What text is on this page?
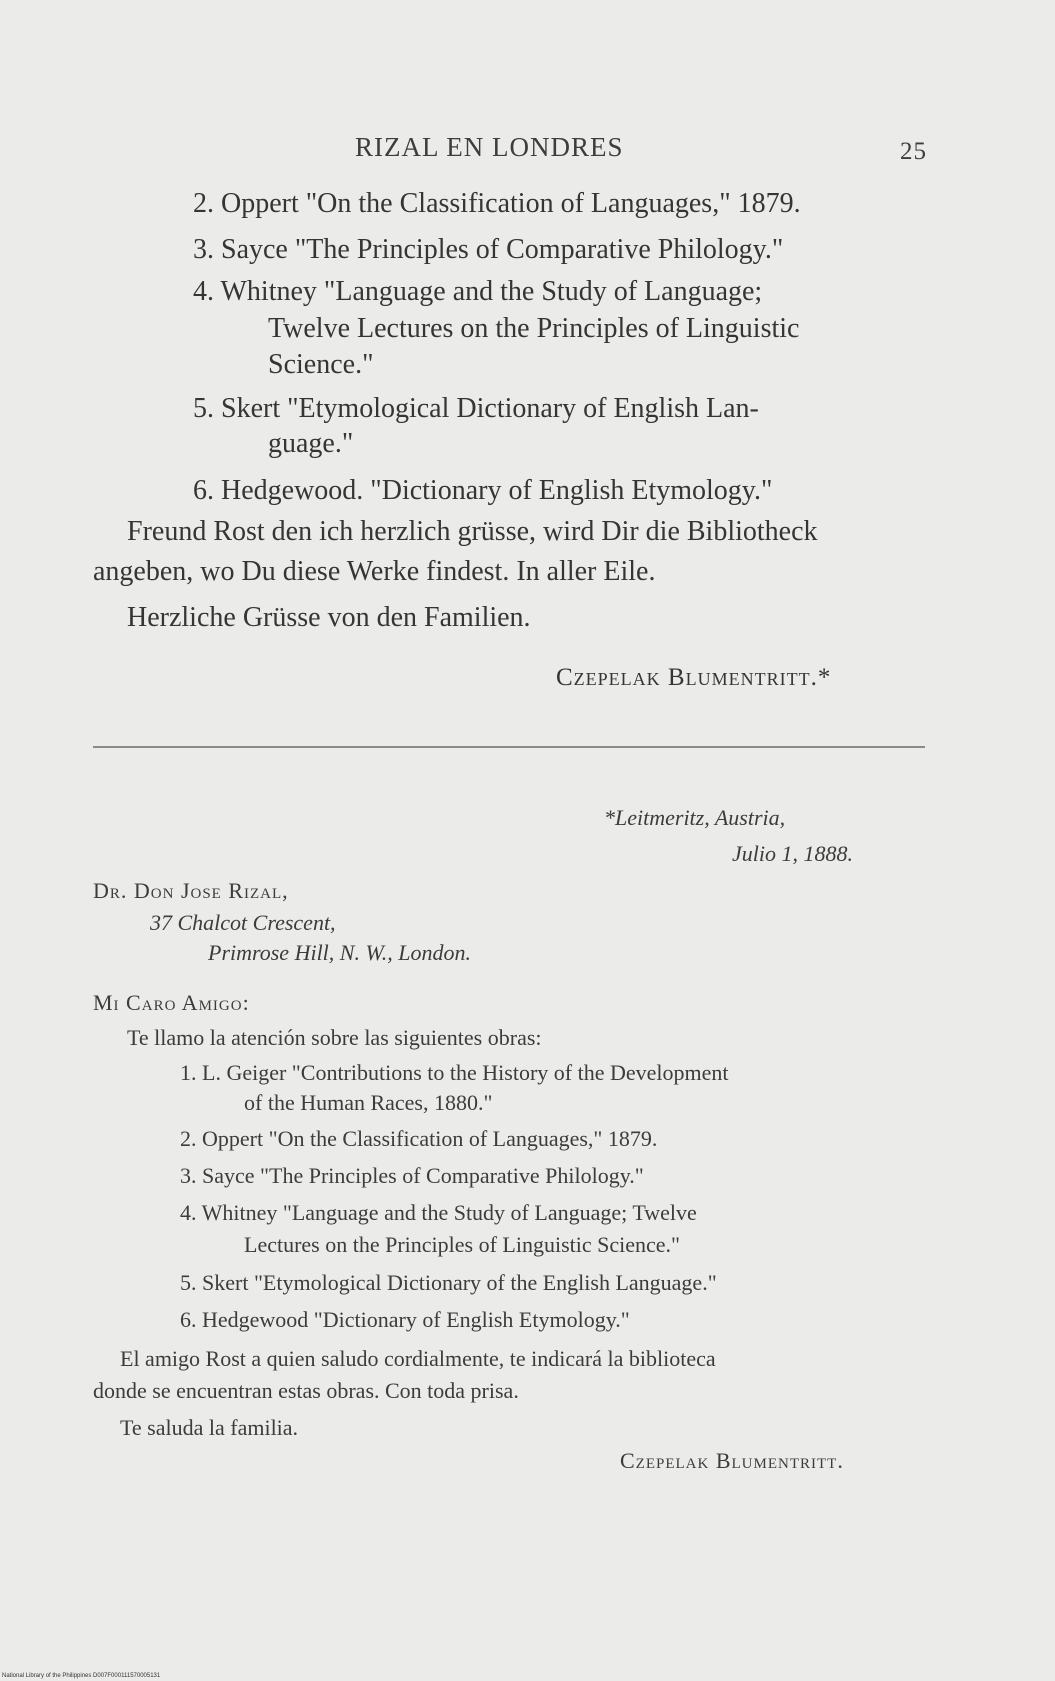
RIZAL EN LONDRES	25
2. Oppert "On the Classification of Languages," 1879.
3. Sayce "The Principles of Comparative Philology."
4. Whitney "Language and the Study of Language;
Twelve Lectures on the Principles of Linguistic
Science."
5. Skert "Etymological Dictionary of English Lan-
guage."
6. Hedgewood. "Dictionary of English Etymology."
Freund Rost den ich herzlich grüsse, wird Dir die Bibliotheck
angeben, wo Du diese Werke findest. In aller Eile.
Herzliche Grüsse von den Familien.
Czepelak Blumentritt.*
*Leitmeritz, Austria,
Julio 1, 1888.
Dr. Don Jose Rizal,
37 Chalcot Crescent,
Primrose Hill, N. W., London.
Mi Caro Amigo:
Te llamo la atención sobre las siguientes obras:
1. L. Geiger "Contributions to the History of the Development
of the Human Races, 1880."
2. Oppert "On the Classification of Languages," 1879.
3. Sayce "The Principles of Comparative Philology."
4. Whitney "Language and the Study of Language; Twelve
Lectures on the Principles of Linguistic Science."
5. Skert "Etymological Dictionary of the English Language."
6. Hedgewood "Dictionary of English Etymology."
El amigo Rost a quien saludo cordialmente, te indicará la biblioteca
donde se encuentran estas obras. Con toda prisa.
Te saluda la familia.
Czepelak Blumentritt.
National Library of the Philippines D007F000111570005131
